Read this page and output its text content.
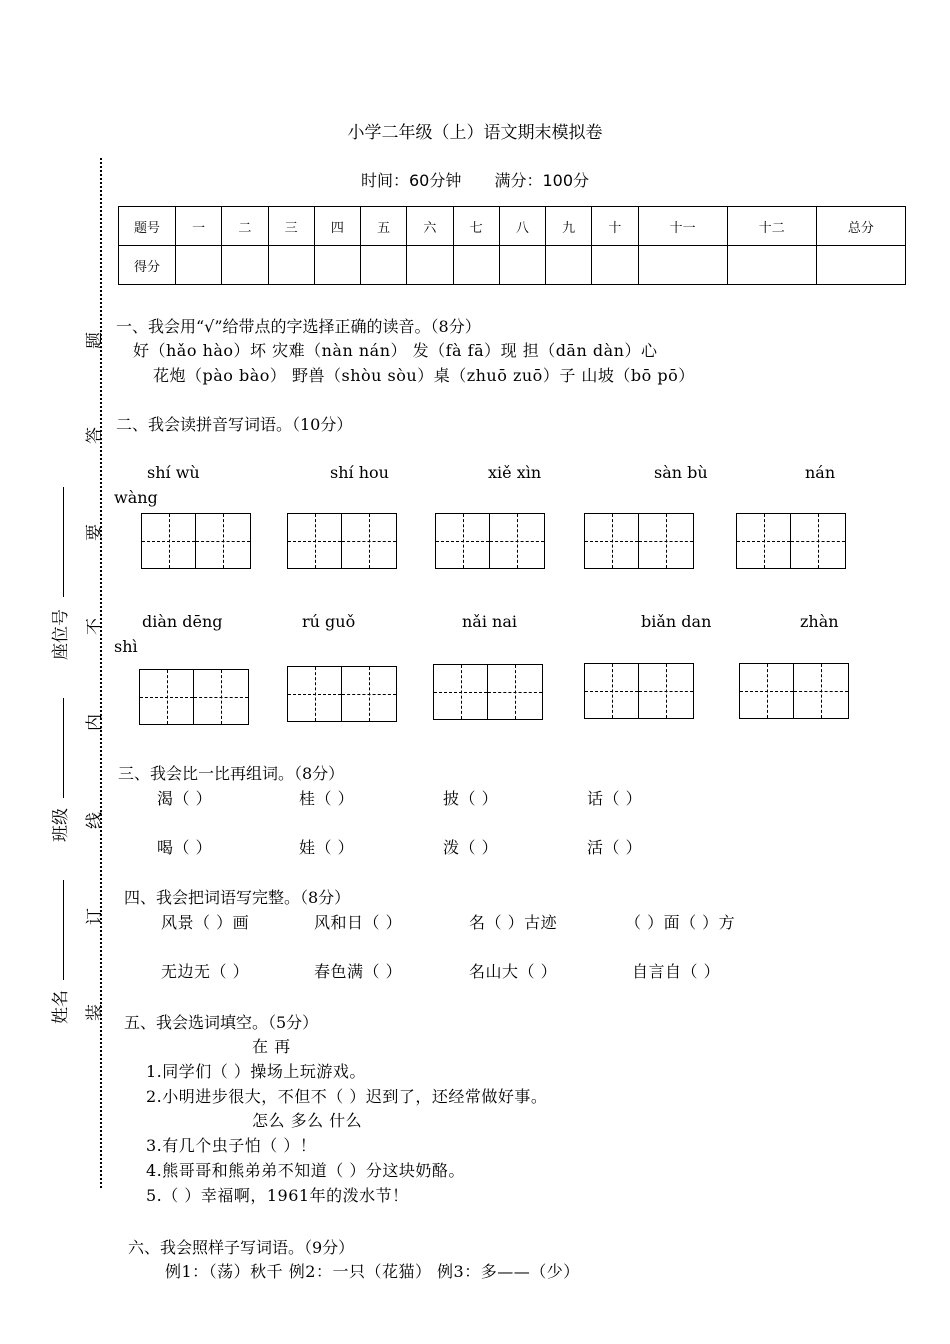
小学二年级（上）语文期末模拟卷
时间：60分钟 满分：100分
题号	一	二	三	四	五	六	七	八	九	十	十一	十二	总分
得分													
题
答
要
不
内
线
订
装
座位号
班级
姓名
一、我会用“√”给带点的字选择正确的读音。（8分）
好（hǎo hào）坏 灾难（nàn nán） 发（fà fā）现 担（dān dàn）心
花炮（pào bào） 野兽（shòu sòu）桌（zhuō zuō）子 山坡（bō pō）
二、我会读拼音写词语。（10分）
shí wù	shí hou	xiě xìn	sàn bù	nán
wàng
diàn dēng	rú guǒ	nǎi nai	biǎn dan	zhàn
shì
三、我会比一比再组词。（8分）
渴（ ）	桂（ ）	披（ ）	话（ ）
喝（ ）	娃（ ）	泼（ ）	活（ ）
四、我会把词语写完整。（8分）
风景（ ）画	风和日（ ）	名（ ）古迹	（ ）面（ ）方
无边无（ ）	春色满（ ）	名山大（ ）	自言自（ ）
五、我会选词填空。（5分）
在 再
1.同学们（ ）操场上玩游戏。
2.小明进步很大，不但不（ ）迟到了，还经常做好事。
怎么 多么 什么
3.有几个虫子怕（ ）！
4.熊哥哥和熊弟弟不知道（ ）分这块奶酪。
5.（ ）幸福啊，1961年的泼水节！
六、我会照样子写词语。（9分）
例1：（荡）秋千 例2：一只（花猫） 例3：多——（少）
